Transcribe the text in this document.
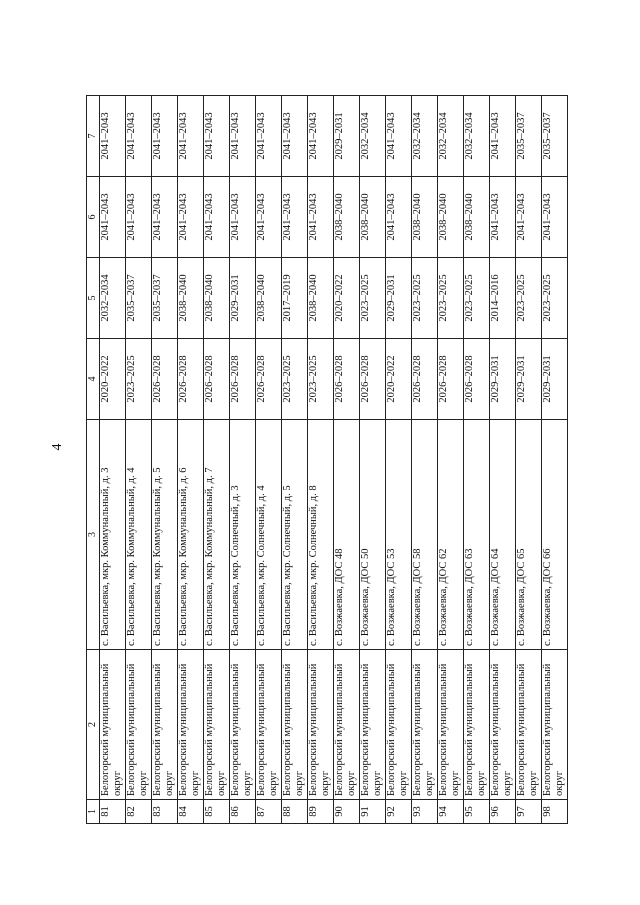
4
1	2	3	4	5	6	7
81	Белогорский муниципальный округ	с. Васильевка, мкр. Коммунальный, д. 3	2020–2022	2032–2034	2041–2043	2041–2043
82	Белогорский муниципальный округ	с. Васильевка, мкр. Коммунальный, д. 4	2023–2025	2035–2037	2041–2043	2041–2043
83	Белогорский муниципальный округ	с. Васильевка, мкр. Коммунальный, д. 5	2026–2028	2035–2037	2041–2043	2041–2043
84	Белогорский муниципальный округ	с. Васильевка, мкр. Коммунальный, д. 6	2026–2028	2038–2040	2041–2043	2041–2043
85	Белогорский муниципальный округ	с. Васильевка, мкр. Коммунальный, д. 7	2026–2028	2038–2040	2041–2043	2041–2043
86	Белогорский муниципальный округ	с. Васильевка, мкр. Солнечный, д. 3	2026–2028	2029–2031	2041–2043	2041–2043
87	Белогорский муниципальный округ	с. Васильевка, мкр. Солнечный, д. 4	2026–2028	2038–2040	2041–2043	2041–2043
88	Белогорский муниципальный округ	с. Васильевка, мкр. Солнечный, д. 5	2023–2025	2017–2019	2041–2043	2041–2043
89	Белогорский муниципальный округ	с. Васильевка, мкр. Солнечный, д. 8	2023–2025	2038–2040	2041–2043	2041–2043
90	Белогорский муниципальный округ	с. Возжаевка, ДОС 48	2026–2028	2020–2022	2038–2040	2029–2031
91	Белогорский муниципальный округ	с. Возжаевка, ДОС 50	2026–2028	2023–2025	2038–2040	2032–2034
92	Белогорский муниципальный округ	с. Возжаевка, ДОС 53	2020–2022	2029–2031	2041–2043	2041–2043
93	Белогорский муниципальный округ	с. Возжаевка, ДОС 58	2026–2028	2023–2025	2038–2040	2032–2034
94	Белогорский муниципальный округ	с. Возжаевка, ДОС 62	2026–2028	2023–2025	2038–2040	2032–2034
95	Белогорский муниципальный округ	с. Возжаевка, ДОС 63	2026–2028	2023–2025	2038–2040	2032–2034
96	Белогорский муниципальный округ	с. Возжаевка, ДОС 64	2029–2031	2014–2016	2041–2043	2041–2043
97	Белогорский муниципальный округ	с. Возжаевка, ДОС 65	2029–2031	2023–2025	2041–2043	2035–2037
98	Белогорский муниципальный округ	с. Возжаевка, ДОС 66	2029–2031	2023–2025	2041–2043	2035–2037
